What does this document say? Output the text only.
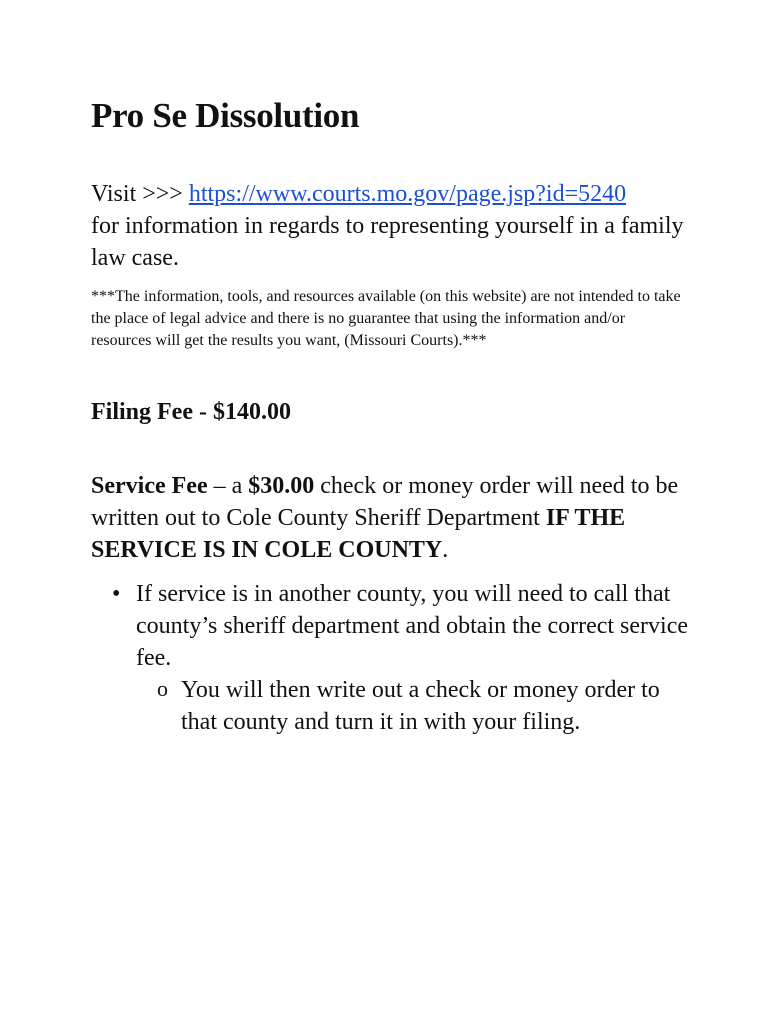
Pro Se Dissolution
Visit >>> https://www.courts.mo.gov/page.jsp?id=5240
for information in regards to representing yourself in a family law case.
***The information, tools, and resources available (on this website) are not intended to take the place of legal advice and there is no guarantee that using the information and/or resources will get the results you want, (Missouri Courts).***
Filing Fee - $140.00
Service Fee – a $30.00 check or money order will need to be written out to Cole County Sheriff Department IF THE SERVICE IS IN COLE COUNTY.
• If service is in another county, you will need to call that county’s sheriff department and obtain the correct service fee.
o You will then write out a check or money order to that county and turn it in with your filing.
